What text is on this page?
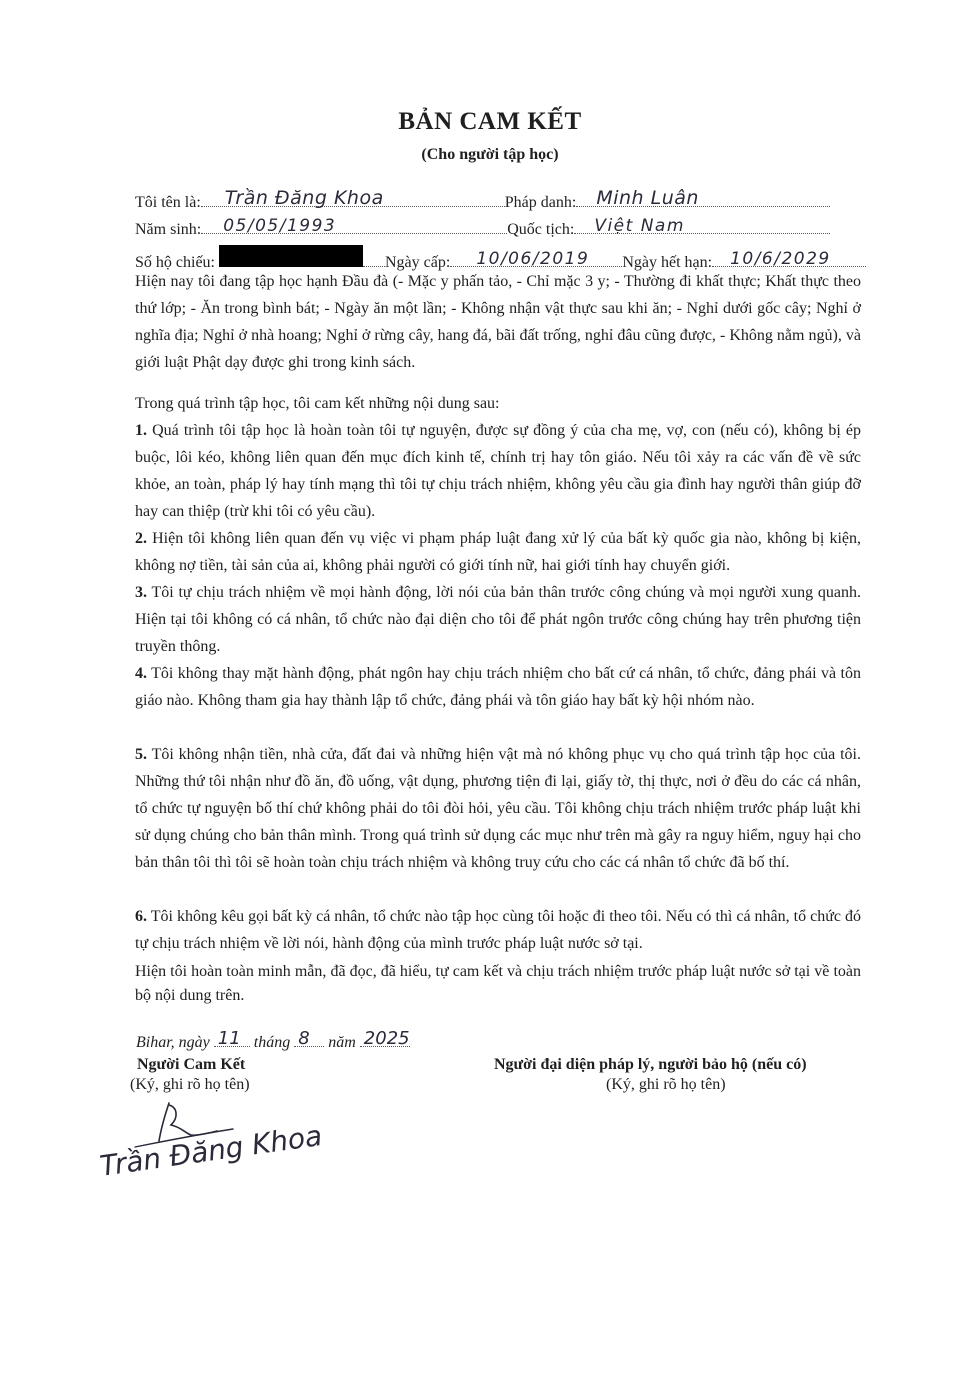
BẢN CAM KẾT
(Cho người tập học)
Tôi tên là: Trần Đăng Khoa	Pháp danh: Minh Luân
Năm sinh: 05/05/1993	Quốc tịch: Việt Nam
Số hộ chiếu:	Ngày cấp: 10/06/2019 Ngày hết hạn: 10/6/2029
Hiện nay tôi đang tập học hạnh Đầu đà (- Mặc y phấn tảo, - Chỉ mặc 3 y; - Thường đi khất thực; Khất thực theo thứ lớp; - Ăn trong bình bát; - Ngày ăn một lần; - Không nhận vật thực sau khi ăn; - Nghỉ dưới gốc cây; Nghỉ ở nghĩa địa; Nghỉ ở nhà hoang; Nghỉ ở rừng cây, hang đá, bãi đất trống, nghỉ đâu cũng được, - Không nằm ngủ), và giới luật Phật dạy được ghi trong kinh sách.
Trong quá trình tập học, tôi cam kết những nội dung sau:
1. Quá trình tôi tập học là hoàn toàn tôi tự nguyện, được sự đồng ý của cha mẹ, vợ, con (nếu có), không bị ép buộc, lôi kéo, không liên quan đến mục đích kinh tế, chính trị hay tôn giáo. Nếu tôi xảy ra các vấn đề về sức khỏe, an toàn, pháp lý hay tính mạng thì tôi tự chịu trách nhiệm, không yêu cầu gia đình hay người thân giúp đỡ hay can thiệp (trừ khi tôi có yêu cầu).
2. Hiện tôi không liên quan đến vụ việc vi phạm pháp luật đang xử lý của bất kỳ quốc gia nào, không bị kiện, không nợ tiền, tài sản của ai, không phải người có giới tính nữ, hai giới tính hay chuyển giới.
3. Tôi tự chịu trách nhiệm về mọi hành động, lời nói của bản thân trước công chúng và mọi người xung quanh. Hiện tại tôi không có cá nhân, tổ chức nào đại diện cho tôi để phát ngôn trước công chúng hay trên phương tiện truyền thông.
4. Tôi không thay mặt hành động, phát ngôn hay chịu trách nhiệm cho bất cứ cá nhân, tổ chức, đảng phái và tôn giáo nào. Không tham gia hay thành lập tổ chức, đảng phái và tôn giáo hay bất kỳ hội nhóm nào.
5. Tôi không nhận tiền, nhà cửa, đất đai và những hiện vật mà nó không phục vụ cho quá trình tập học của tôi. Những thứ tôi nhận như đồ ăn, đồ uống, vật dụng, phương tiện đi lại, giấy tờ, thị thực, nơi ở đều do các cá nhân, tổ chức tự nguyện bố thí chứ không phải do tôi đòi hỏi, yêu cầu. Tôi không chịu trách nhiệm trước pháp luật khi sử dụng chúng cho bản thân mình. Trong quá trình sử dụng các mục như trên mà gây ra nguy hiểm, nguy hại cho bản thân tôi thì tôi sẽ hoàn toàn chịu trách nhiệm và không truy cứu cho các cá nhân tổ chức đã bố thí.
6. Tôi không kêu gọi bất kỳ cá nhân, tổ chức nào tập học cùng tôi hoặc đi theo tôi. Nếu có thì cá nhân, tổ chức đó tự chịu trách nhiệm về lời nói, hành động của mình trước pháp luật nước sở tại.
Hiện tôi hoàn toàn minh mẫn, đã đọc, đã hiểu, tự cam kết và chịu trách nhiệm trước pháp luật nước sở tại về toàn bộ nội dung trên.
Bihar, ngày 11 tháng 8 năm 2025
Người Cam Kết
(Ký, ghi rõ họ tên)
Người đại diện pháp lý, người bảo hộ (nếu có)
(Ký, ghi rõ họ tên)
Trần Đăng Khoa
